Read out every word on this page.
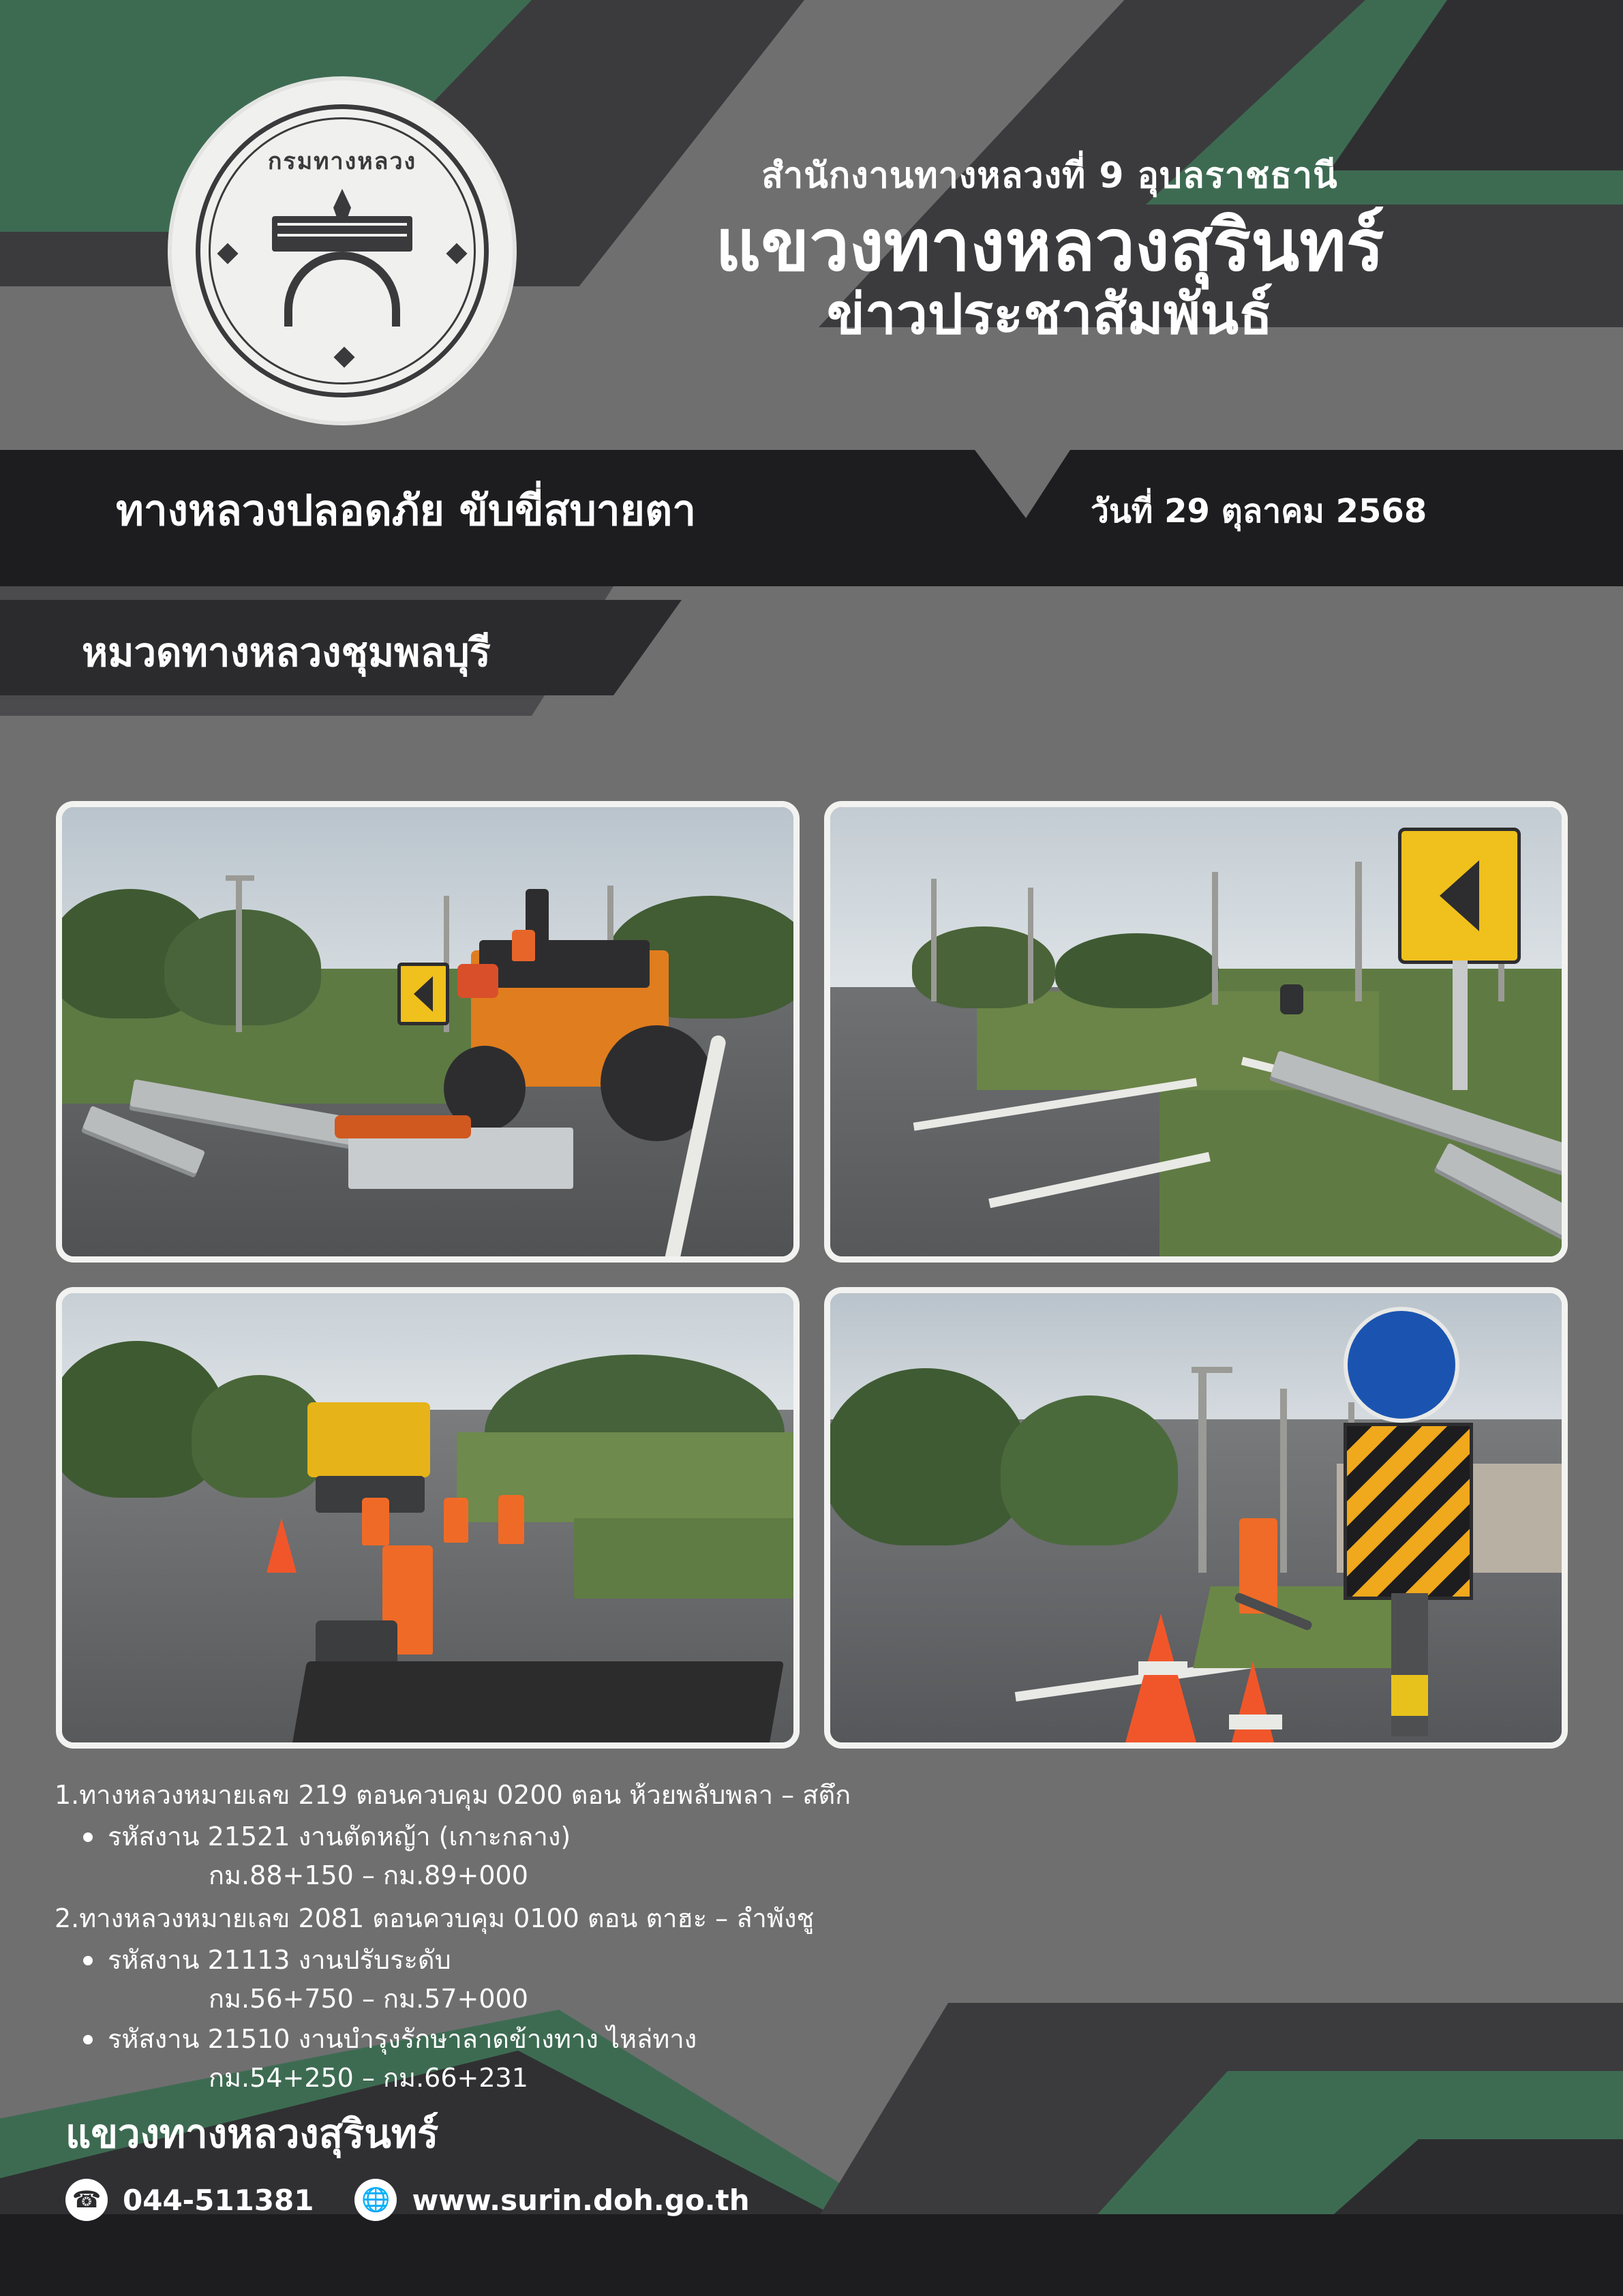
กรมทางหลวง	สำนักงานทางหลวงที่ 9 อุบลราชธานี
แขวงทางหลวงสุรินทร์
ข่าวประชาสัมพันธ์
ทางหลวงปลอดภัย ขับขี่สบายตา	วันที่ 29 ตุลาคม 2568
หมวดทางหลวงชุมพลบุรี
1.ทางหลวงหมายเลข 219 ตอนควบคุม 0200 ตอน ห้วยพลับพลา – สตึก
รหัสงาน 21521 งานตัดหญ้า (เกาะกลาง)
กม.88+150 – กม.89+000
2.ทางหลวงหมายเลข 2081 ตอนควบคุม 0100 ตอน ตาฮะ – ลำพังชู
รหัสงาน 21113 งานปรับระดับ
กม.56+750 – กม.57+000
รหัสงาน 21510 งานบำรุงรักษาลาดข้างทาง ไหล่ทาง
กม.54+250 – กม.66+231
แขวงทางหลวงสุรินทร์
☎ 044-511381 🌐 www.surin.doh.go.th
